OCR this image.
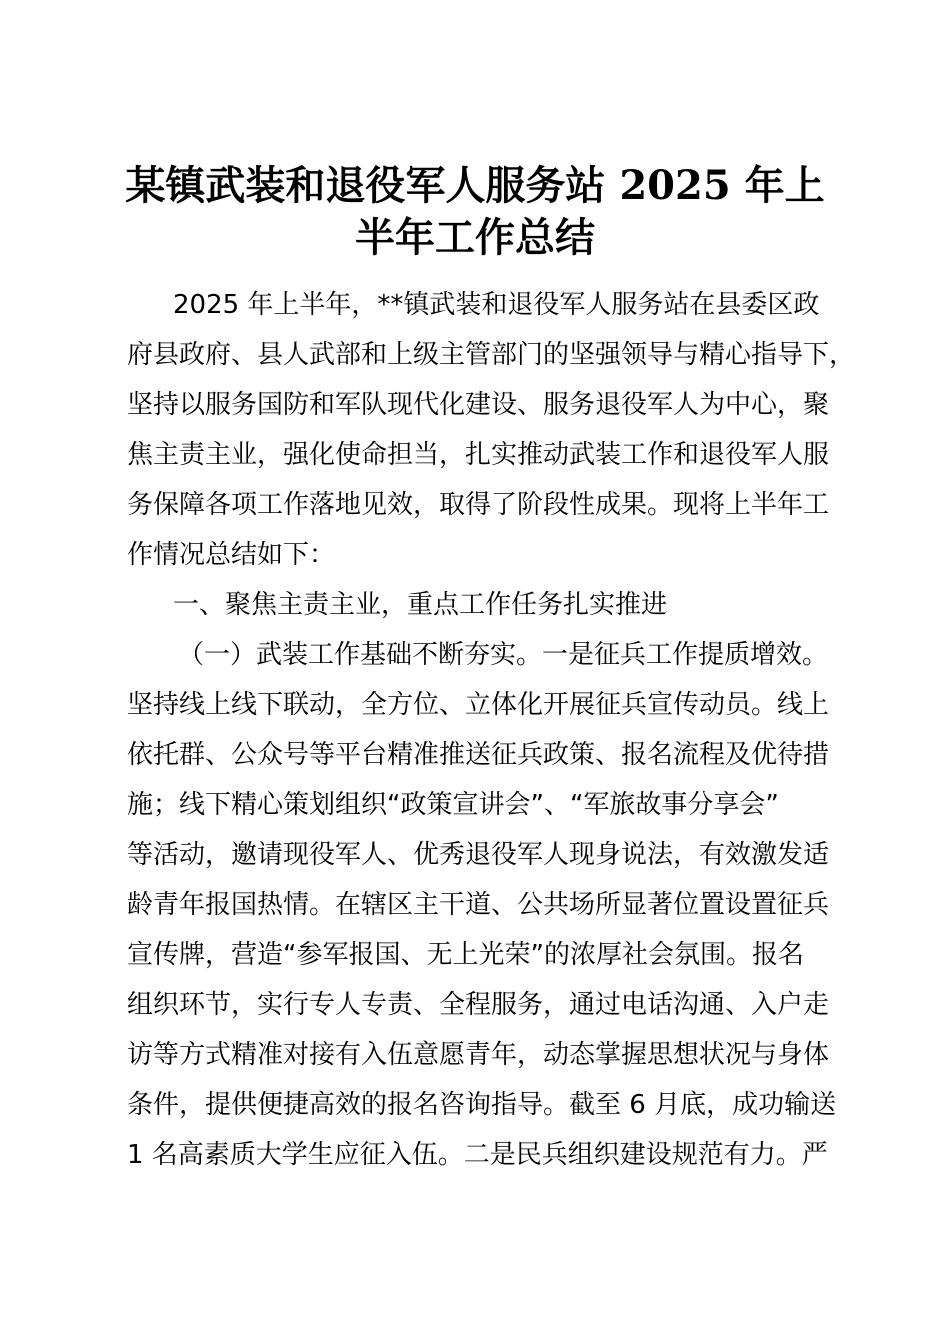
某镇武装和退役军人服务站 2025 年上
半年工作总结
2025 年上半年，**镇武装和退役军人服务站在县委区政
府县政府、县人武部和上级主管部门的坚强领导与精心指导下，
坚持以服务国防和军队现代化建设、服务退役军人为中心，聚
焦主责主业，强化使命担当，扎实推动武装工作和退役军人服
务保障各项工作落地见效，取得了阶段性成果。现将上半年工
作情况总结如下：
一、聚焦主责主业，重点工作任务扎实推进
（一）武装工作基础不断夯实。一是征兵工作提质增效。
坚持线上线下联动，全方位、立体化开展征兵宣传动员。线上
依托群、公众号等平台精准推送征兵政策、报名流程及优待措
施；线下精心策划组织“政策宣讲会”、“军旅故事分享会”
等活动，邀请现役军人、优秀退役军人现身说法，有效激发适
龄青年报国热情。在辖区主干道、公共场所显著位置设置征兵
宣传牌，营造“参军报国、无上光荣”的浓厚社会氛围。报名
组织环节，实行专人专责、全程服务，通过电话沟通、入户走
访等方式精准对接有入伍意愿青年，动态掌握思想状况与身体
条件，提供便捷高效的报名咨询指导。截至 6 月底，成功输送
1 名高素质大学生应征入伍。二是民兵组织建设规范有力。严
